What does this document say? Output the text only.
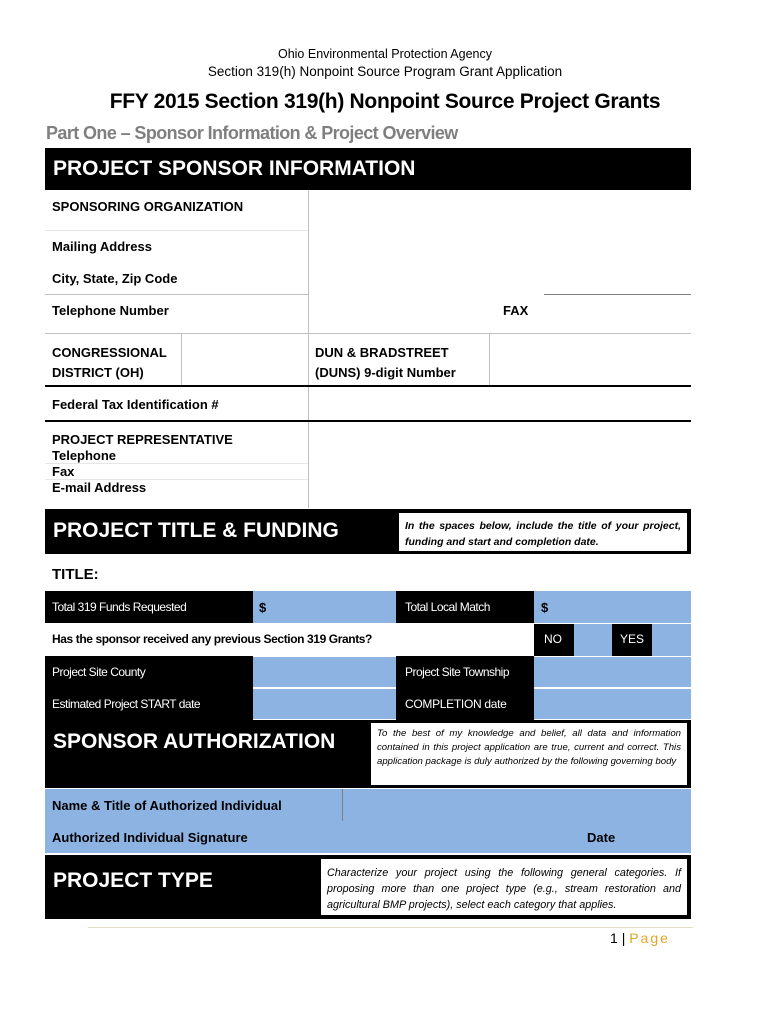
Ohio Environmental Protection Agency
Section 319(h) Nonpoint Source Program Grant Application
FFY 2015 Section 319(h) Nonpoint Source Project Grants
Part One – Sponsor Information & Project Overview
PROJECT SPONSOR INFORMATION
SPONSORING ORGANIZATION
Mailing Address
City, State, Zip Code
Telephone Number	FAX
CONGRESSIONAL
DISTRICT (OH)
DUN & BRADSTREET
(DUNS) 9-digit Number
Federal Tax Identification #
PROJECT REPRESENTATIVE
Telephone
Fax
E-mail Address
PROJECT TITLE & FUNDING	In the spaces below, include the title of your project, funding and start and completion date.
TITLE:
Total 319 Funds Requested	$	Total Local Match	$
Has the sponsor received any previous Section 319 Grants?	NO	YES
Project Site County	Project Site Township
Estimated Project START date	COMPLETION date
SPONSOR AUTHORIZATION	To the best of my knowledge and belief, all data and information contained in this project application are true, current and correct. This application package is duly authorized by the following governing body
Name & Title of Authorized Individual
Authorized Individual Signature	Date
PROJECT TYPE	Characterize your project using the following general categories. If proposing more than one project type (e.g., stream restoration and agricultural BMP projects), select each category that applies.
1 | Page
